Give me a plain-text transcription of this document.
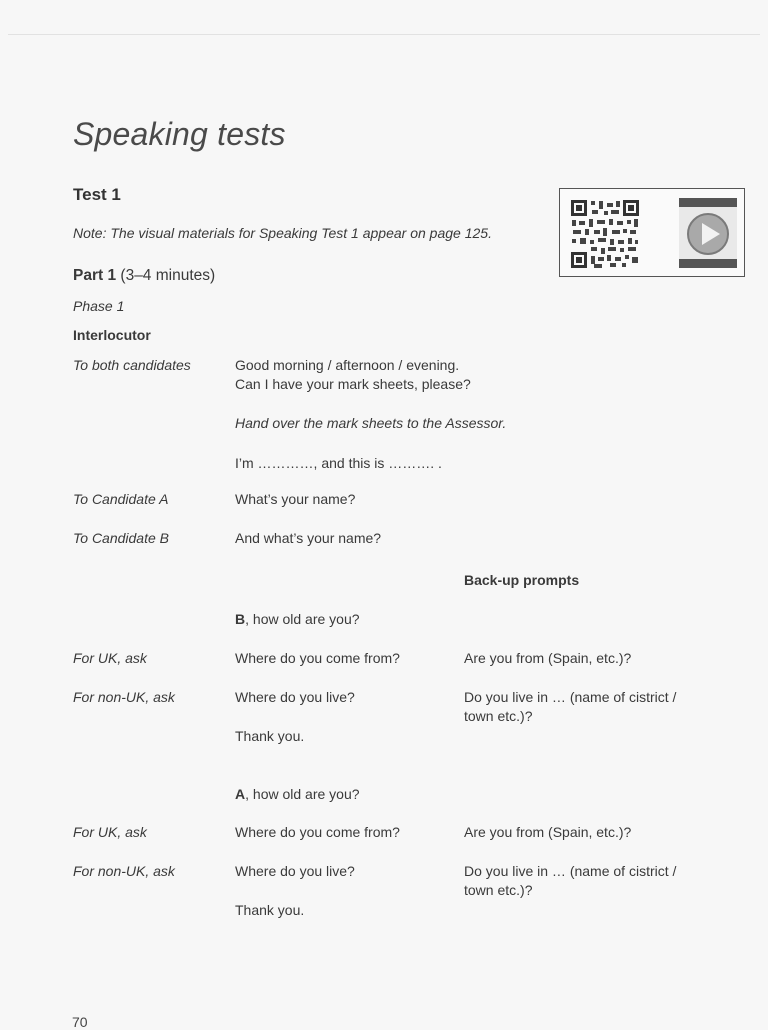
Speaking tests
Test 1
Note: The visual materials for Speaking Test 1 appear on page 125.
Part 1 (3–4 minutes)
Phase 1
Interlocutor
To both candidates	Good morning / afternoon / evening.
Can I have your mark sheets, please?
Hand over the mark sheets to the Assessor.
I’m …………, and this is ………. .
To Candidate A	What’s your name?
To Candidate B	And what’s your name?
Back-up prompts
B, how old are you?
For UK, ask	Where do you come from?	Are you from (Spain, etc.)?
For non-UK, ask	Where do you live?	Do you live in … (name of cistrict /
town etc.)?
Thank you.
A, how old are you?
For UK, ask	Where do you come from?	Are you from (Spain, etc.)?
For non-UK, ask	Where do you live?	Do you live in … (name of cistrict /
town etc.)?
Thank you.
70
